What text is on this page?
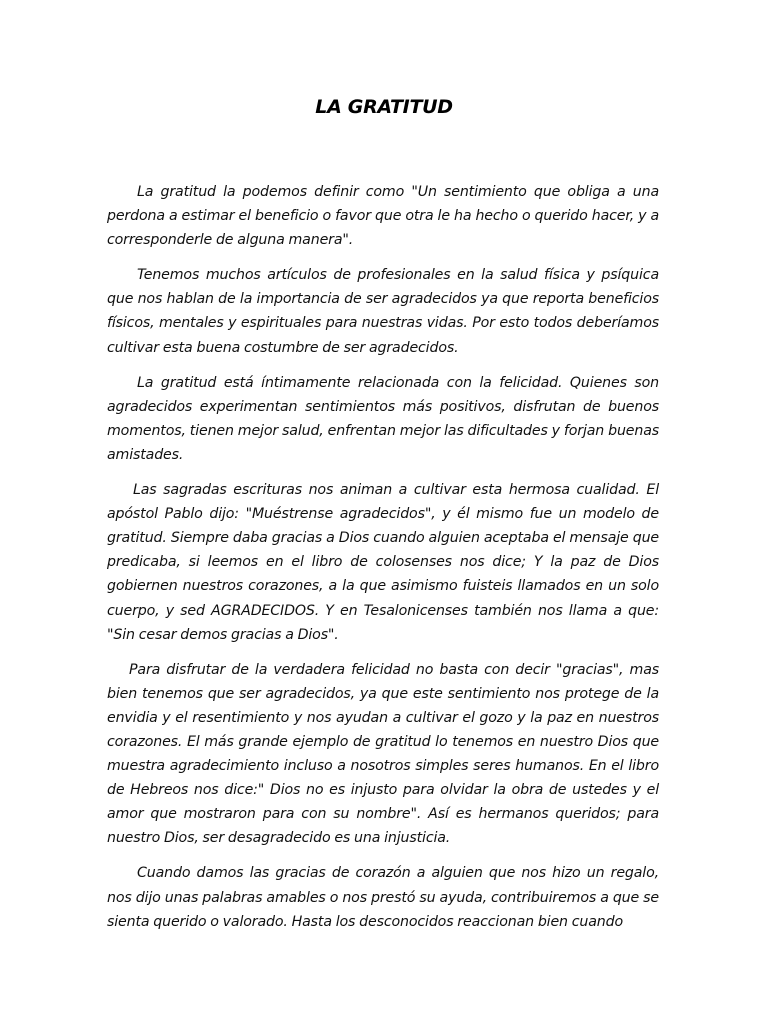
LA GRATITUD

La gratitud la podemos definir como "Un sentimiento que obliga a una perdona a estimar el beneficio o favor que otra le ha hecho o querido hacer, y a corresponderle de alguna manera".

Tenemos muchos artículos de profesionales en la salud física y psíquica que nos hablan de la importancia de ser agradecidos ya que reporta beneficios físicos, mentales y espirituales para nuestras vidas. Por esto todos deberíamos cultivar esta buena costumbre de ser agradecidos.

La gratitud está íntimamente relacionada con la felicidad. Quienes son agradecidos experimentan sentimientos más positivos, disfrutan de buenos momentos, tienen mejor salud, enfrentan mejor las dificultades y forjan buenas amistades.

Las sagradas escrituras nos animan a cultivar esta hermosa cualidad. El apóstol Pablo dijo: "Muéstrense agradecidos", y él mismo fue un modelo de gratitud. Siempre daba gracias a Dios cuando alguien aceptaba el mensaje que predicaba, si leemos en el libro de colosenses nos dice; Y la paz de Dios gobiernen nuestros corazones, a la que asimismo fuisteis llamados en un solo cuerpo, y sed AGRADECIDOS. Y en Tesalonicenses también nos llama a que: "Sin cesar demos gracias a Dios".

Para disfrutar de la verdadera felicidad no basta con decir "gracias", mas bien tenemos que ser agradecidos, ya que este sentimiento nos protege de la envidia y el resentimiento y nos ayudan a cultivar el gozo y la paz en nuestros corazones. El más grande ejemplo de gratitud lo tenemos en nuestro Dios que muestra agradecimiento incluso a nosotros simples seres humanos. En el libro de Hebreos nos dice:" Dios no es injusto para olvidar la obra de ustedes y el amor que mostraron para con su nombre". Así es hermanos queridos; para nuestro Dios, ser desagradecido es una injusticia.

Cuando damos las gracias de corazón a alguien que nos hizo un regalo, nos dijo unas palabras amables o nos prestó su ayuda, contribuiremos a que se sienta querido o valorado. Hasta los desconocidos reaccionan bien cuando
